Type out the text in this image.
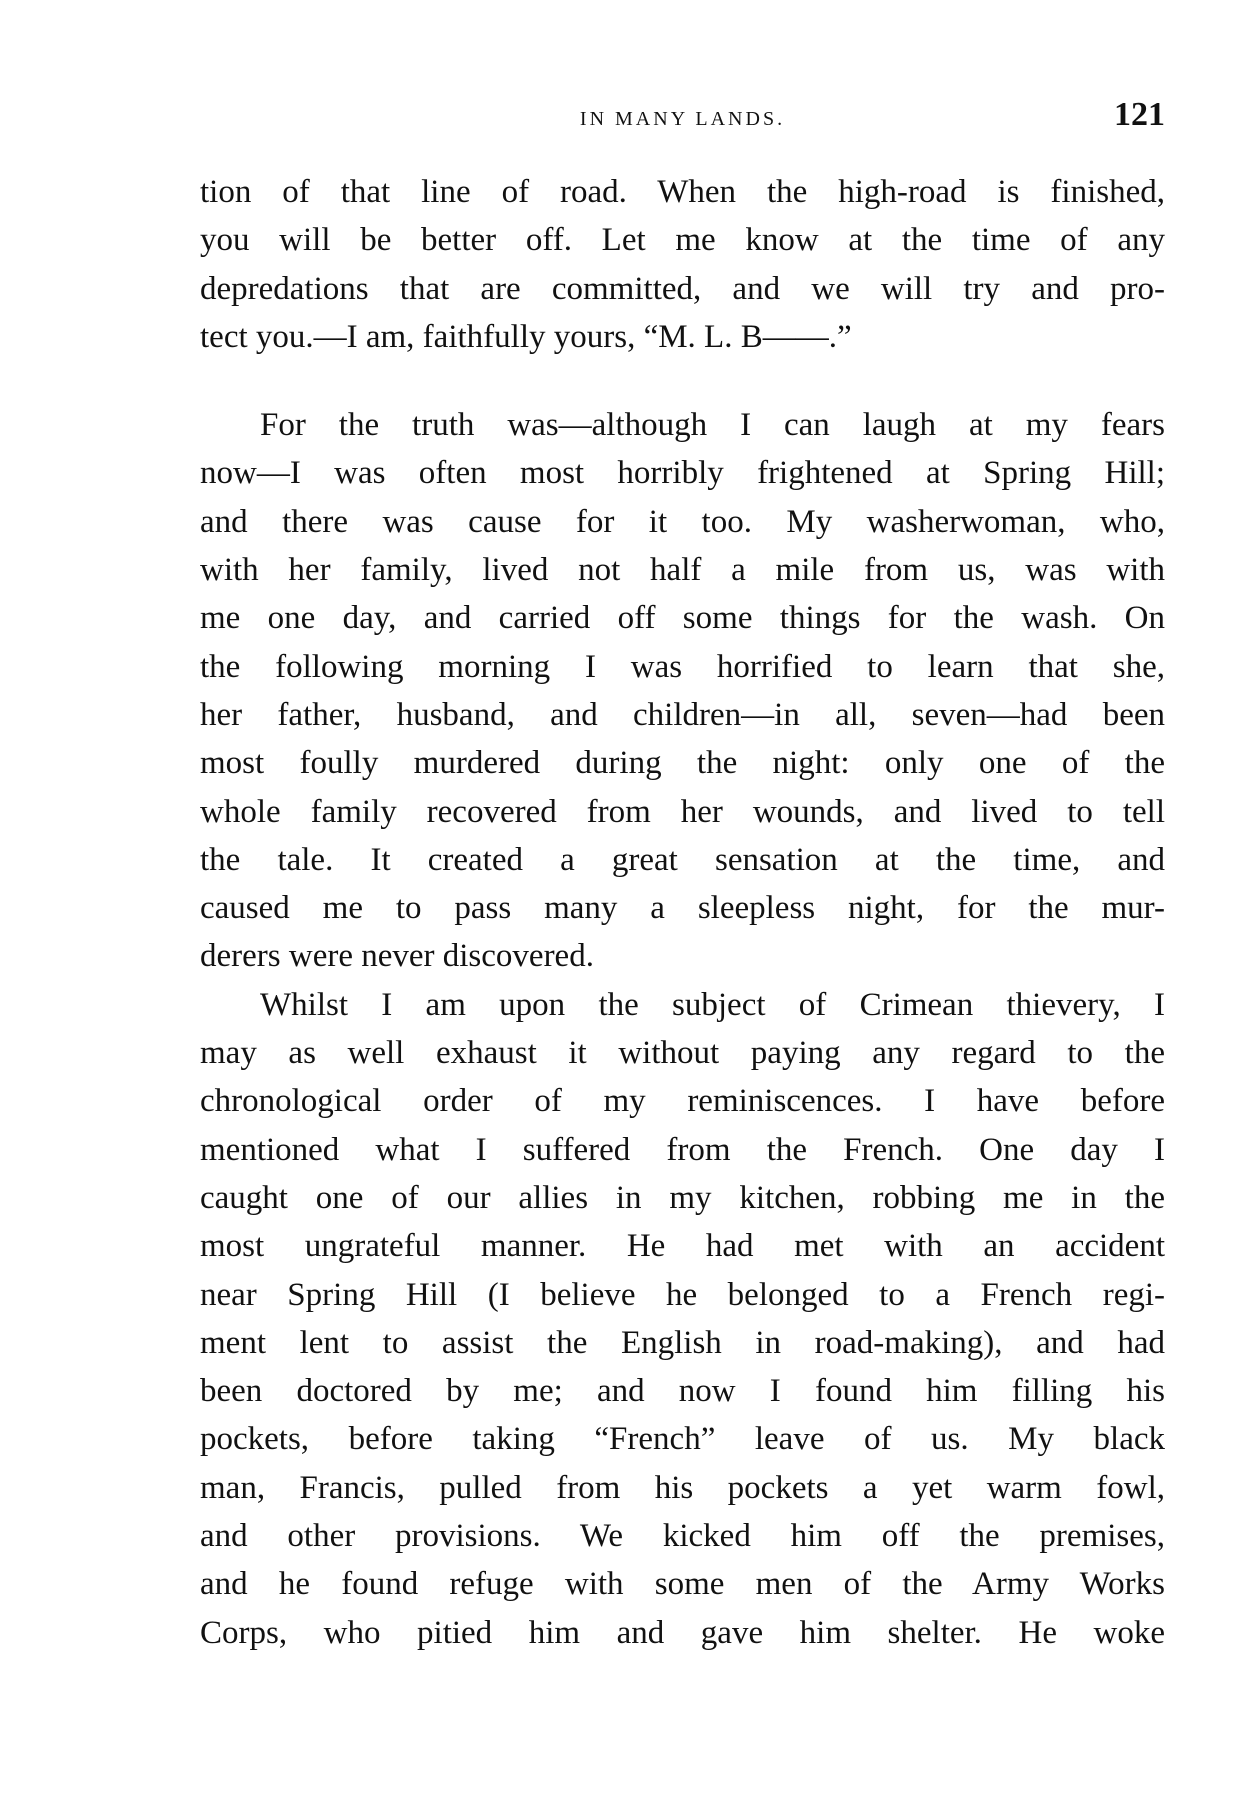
IN MANY LANDS.	121
tion of that line of road. When the high-road is finished,
you will be better off. Let me know at the time of any
depredations that are committed, and we will try and pro-
tect you.—I am, faithfully yours, “M. L. B——.”
For the truth was—although I can laugh at my fears
now—I was often most horribly frightened at Spring Hill;
and there was cause for it too. My washerwoman, who,
with her family, lived not half a mile from us, was with
me one day, and carried off some things for the wash. On
the following morning I was horrified to learn that she,
her father, husband, and children—in all, seven—had been
most foully murdered during the night: only one of the
whole family recovered from her wounds, and lived to tell
the tale. It created a great sensation at the time, and
caused me to pass many a sleepless night, for the mur-
derers were never discovered.
Whilst I am upon the subject of Crimean thievery, I
may as well exhaust it without paying any regard to the
chronological order of my reminiscences. I have before
mentioned what I suffered from the French. One day I
caught one of our allies in my kitchen, robbing me in the
most ungrateful manner. He had met with an accident
near Spring Hill (I believe he belonged to a French regi-
ment lent to assist the English in road-making), and had
been doctored by me; and now I found him filling his
pockets, before taking “French” leave of us. My black
man, Francis, pulled from his pockets a yet warm fowl,
and other provisions. We kicked him off the premises,
and he found refuge with some men of the Army Works
Corps, who pitied him and gave him shelter. He woke
